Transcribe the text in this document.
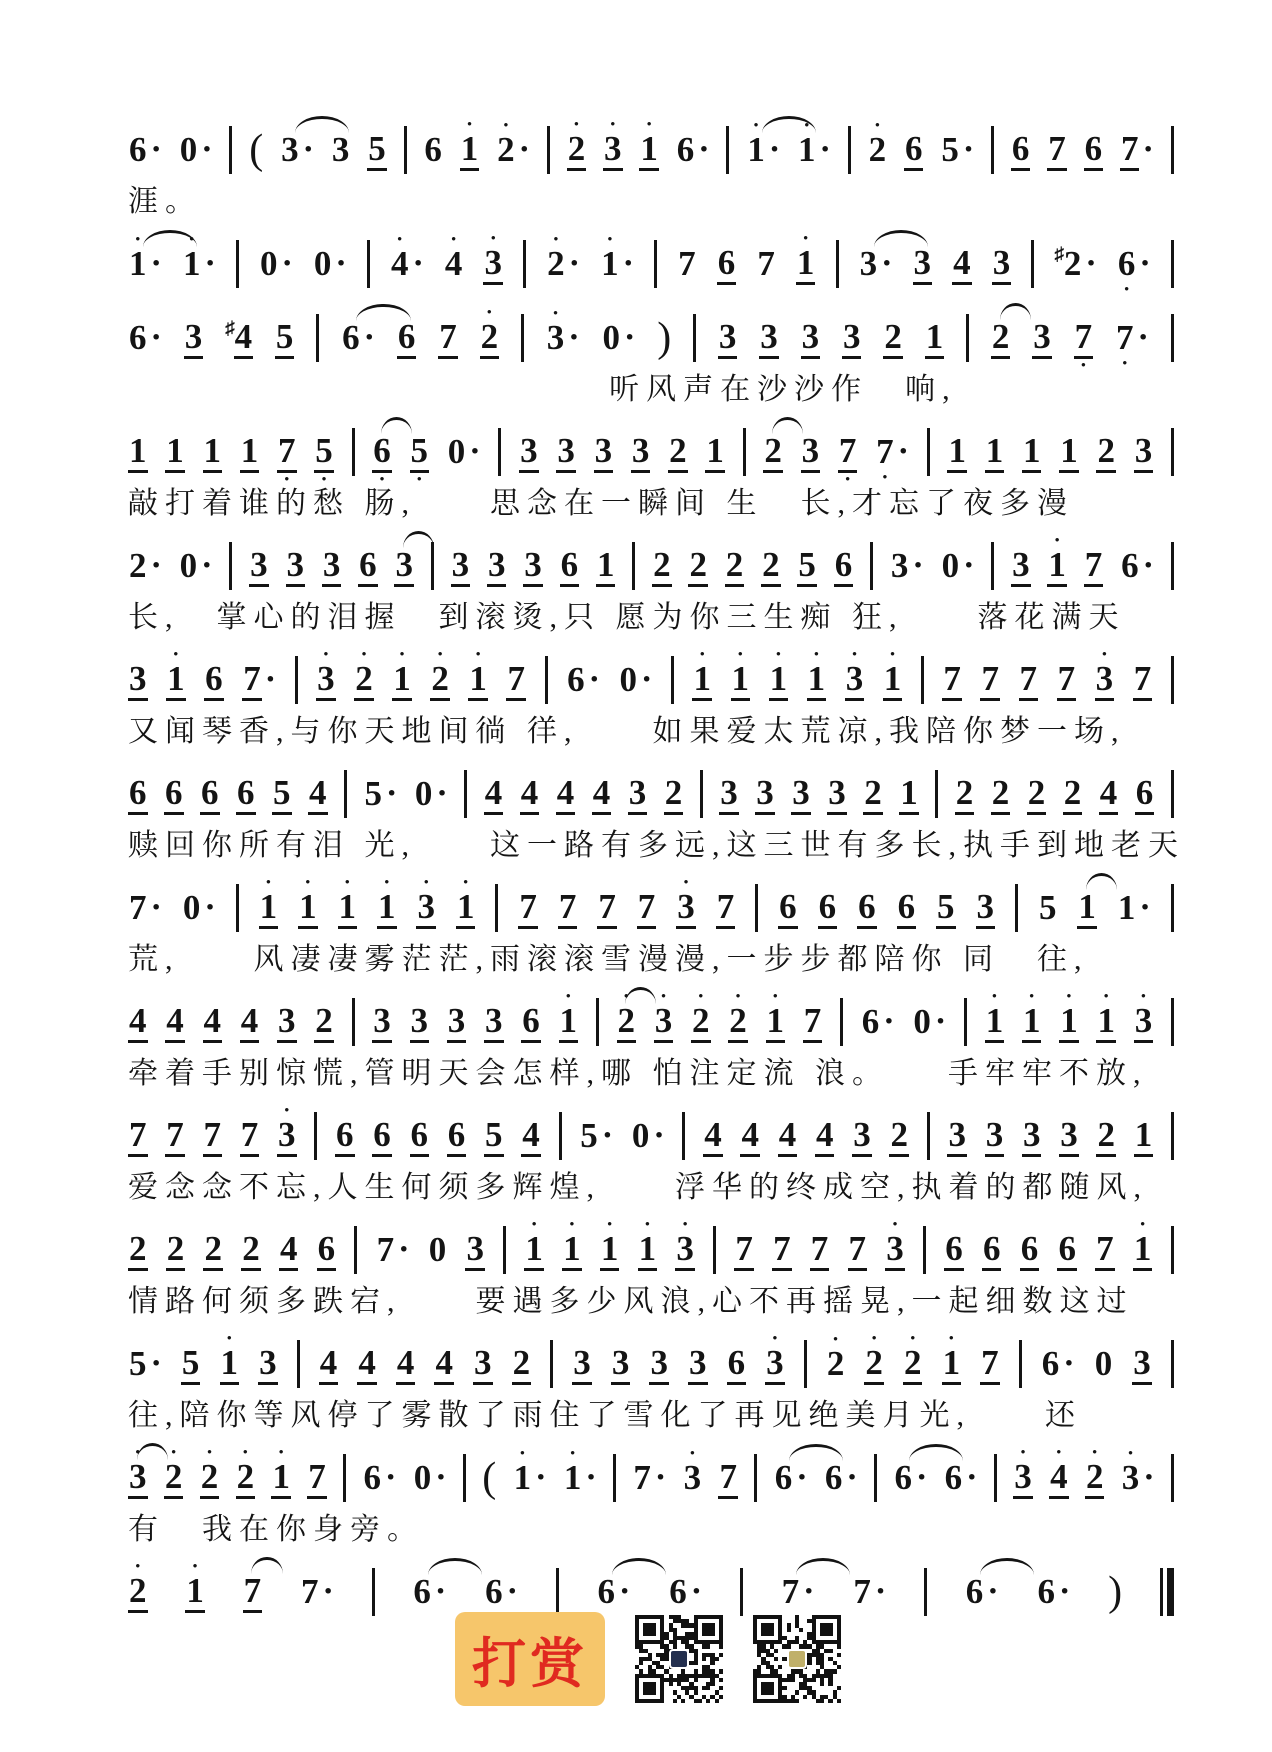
6 · 0 · ( 3 · 3 5 6
•
1
•
2 ·
•
2
•
3
•
1 6 ·
•
1 ·
•
1 ·
•
2 6 5 · 6 7 6 7 ·
涯。
•
1 ·
•
1 · 0 · 0 ·
•
4 ·
•
4
•
3
•
2 ·
•
1 · 7 6 7
•
1 3 · 3 4 3 ♯ 2 · 6
•
·
6 · 3 ♯ 4 5 6 · 6 7
•
2
•
3 · 0 · ) 3 3 3 3 2 1 2 3 7
•
7
•
·
听风声在沙沙作　响,
1 1 1 1 7
•
5
•
6
•
5
•
0 · 3 3 3 3 2 1 2 3 7
•
7
•
· 1 1 1 1 2 3
敲打着谁的愁 肠,　　思念在一瞬间 生　长,才忘了夜多漫
2 · 0 · 3 3 3 6 3 3 3 3 6 1 2 2 2 2 5 6 3 · 0 · 3
•
1 7 6 ·
长,　掌心的泪握　到滚烫,只 愿为你三生痴 狂,　　落花满天
3
•
1 6 7 ·
•
3
•
2
•
1
•
2
•
1 7 6 · 0 ·
•
1
•
1
•
1
•
1
•
3
•
1 7 7 7 7
•
3 7
又闻琴香,与你天地间徜 徉,　　如果爱太荒凉,我陪你梦一场,
6 6 6 6 5 4 5 · 0 · 4 4 4 4 3 2 3 3 3 3 2 1 2 2 2 2 4 6
赎回你所有泪 光,　　这一路有多远,这三世有多长,执手到地老天
7 · 0 ·
•
1
•
1
•
1
•
1
•
3
•
1 7 7 7 7
•
3 7 6 6 6 6 5 3 5 1 1 ·
荒,　　风凄凄雾茫茫,雨滚滚雪漫漫,一步步都陪你 同　往,
4 4 4 4 3 2 3 3 3 3 6
•
1
•
2
•
3
•
2
•
2
•
1 7 6 · 0 ·
•
1
•
1
•
1
•
1
•
3
牵着手别惊慌,管明天会怎样,哪 怕注定流 浪。　　手牢牢不放,
7 7 7 7
•
3 6 6 6 6 5 4 5 · 0 · 4 4 4 4 3 2 3 3 3 3 2 1
爱念念不忘,人生何须多辉煌,　　浮华的终成空,执着的都随风,
2 2 2 2 4 6 7 · 0 3
•
1
•
1
•
1
•
1
•
3 7 7 7 7
•
3 6 6 6 6 7
•
1
情路何须多跌宕,　　要遇多少风浪,心不再摇晃,一起细数这过
5 · 5
•
1 3 4 4 4 4 3 2 3 3 3 3 6
•
3
•
2
•
2
•
2
•
1 7 6 · 0 3
往,陪你等风停了雾散了雨住了雪化了再见绝美月光,　　还
•
3
•
2
•
2
•
2
•
1 7 6 · 0 · (
•
1 ·
•
1 · 7 ·
•
3 7 6 · 6 · 6 · 6 ·
•
3
•
4
•
2
•
3 ·
有　我在你身旁。
•
2
•
1 7 7 · 6 · 6 · 6 · 6 · 7 · 7 · 6 · 6 · )
打赏
